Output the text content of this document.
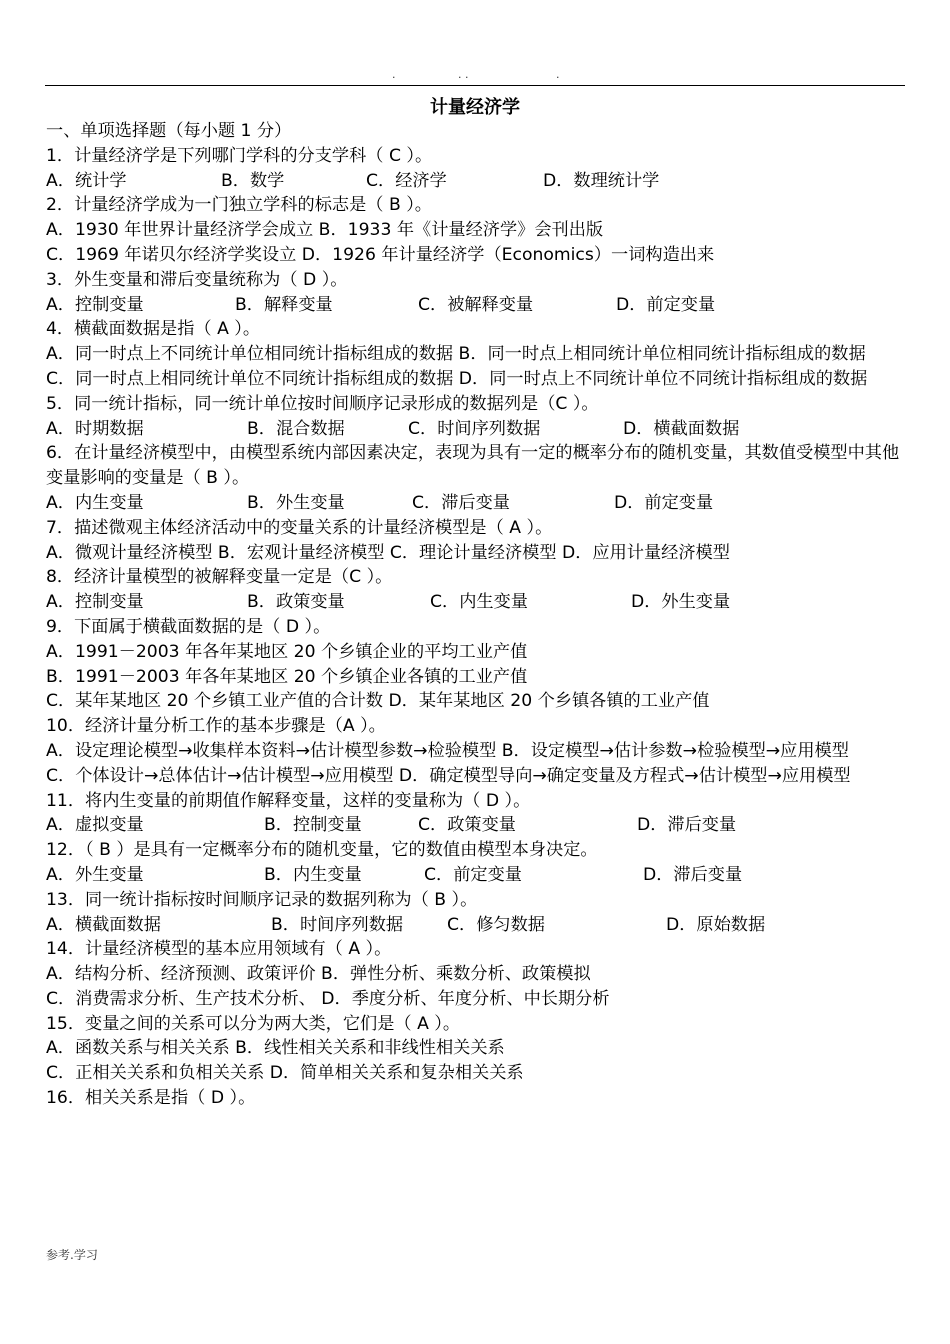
.	. .	.
计量经济学
一、单项选择题（每小题 1 分）
1．计量经济学是下列哪门学科的分支学科（ C ）。
A．统计学	B．数学	C．经济学	D．数理统计学
2．计量经济学成为一门独立学科的标志是（ B ）。
A．1930 年世界计量经济学会成立 B．1933 年《计量经济学》会刊出版
C．1969 年诺贝尔经济学奖设立 D．1926 年计量经济学（Economics）一词构造出来
3．外生变量和滞后变量统称为（ D ）。
A．控制变量	B．解释变量	C．被解释变量	D．前定变量
4．横截面数据是指（ A ）。
A．同一时点上不同统计单位相同统计指标组成的数据 B．同一时点上相同统计单位相同统计指标组成的数据
C．同一时点上相同统计单位不同统计指标组成的数据 D．同一时点上不同统计单位不同统计指标组成的数据
5．同一统计指标，同一统计单位按时间顺序记录形成的数据列是（C ）。
A．时期数据	B．混合数据	C．时间序列数据	D．横截面数据
6．在计量经济模型中，由模型系统内部因素决定，表现为具有一定的概率分布的随机变量，其数值受模型中其他变量影响的变量是（ B ）。
A．内生变量	B．外生变量	C．滞后变量	D．前定变量
7．描述微观主体经济活动中的变量关系的计量经济模型是（ A ）。
A．微观计量经济模型 B．宏观计量经济模型 C．理论计量经济模型 D．应用计量经济模型
8．经济计量模型的被解释变量一定是（C ）。
A．控制变量	B．政策变量	C．内生变量	D．外生变量
9．下面属于横截面数据的是（ D ）。
A．1991－2003 年各年某地区 20 个乡镇企业的平均工业产值
B．1991－2003 年各年某地区 20 个乡镇企业各镇的工业产值
C．某年某地区 20 个乡镇工业产值的合计数 D．某年某地区 20 个乡镇各镇的工业产值
10．经济计量分析工作的基本步骤是（A ）。
A．设定理论模型→收集样本资料→估计模型参数→检验模型 B．设定模型→估计参数→检验模型→应用模型
C．个体设计→总体估计→估计模型→应用模型 D．确定模型导向→确定变量及方程式→估计模型→应用模型
11．将内生变量的前期值作解释变量，这样的变量称为（ D ）。
A．虚拟变量	B．控制变量	C．政策变量	D．滞后变量
12．（ B ）是具有一定概率分布的随机变量，它的数值由模型本身决定。
A．外生变量	B．内生变量	C．前定变量	D．滞后变量
13．同一统计指标按时间顺序记录的数据列称为（ B ）。
A．横截面数据	B．时间序列数据	C．修匀数据	D．原始数据
14．计量经济模型的基本应用领域有（ A ）。
A．结构分析、经济预测、政策评价 B．弹性分析、乘数分析、政策模拟
C．消费需求分析、生产技术分析、 D．季度分析、年度分析、中长期分析
15．变量之间的关系可以分为两大类，它们是（ A ）。
A．函数关系与相关关系 B．线性相关关系和非线性相关关系
C．正相关关系和负相关关系 D．简单相关关系和复杂相关关系
16．相关关系是指（ D ）。
参考.学习
